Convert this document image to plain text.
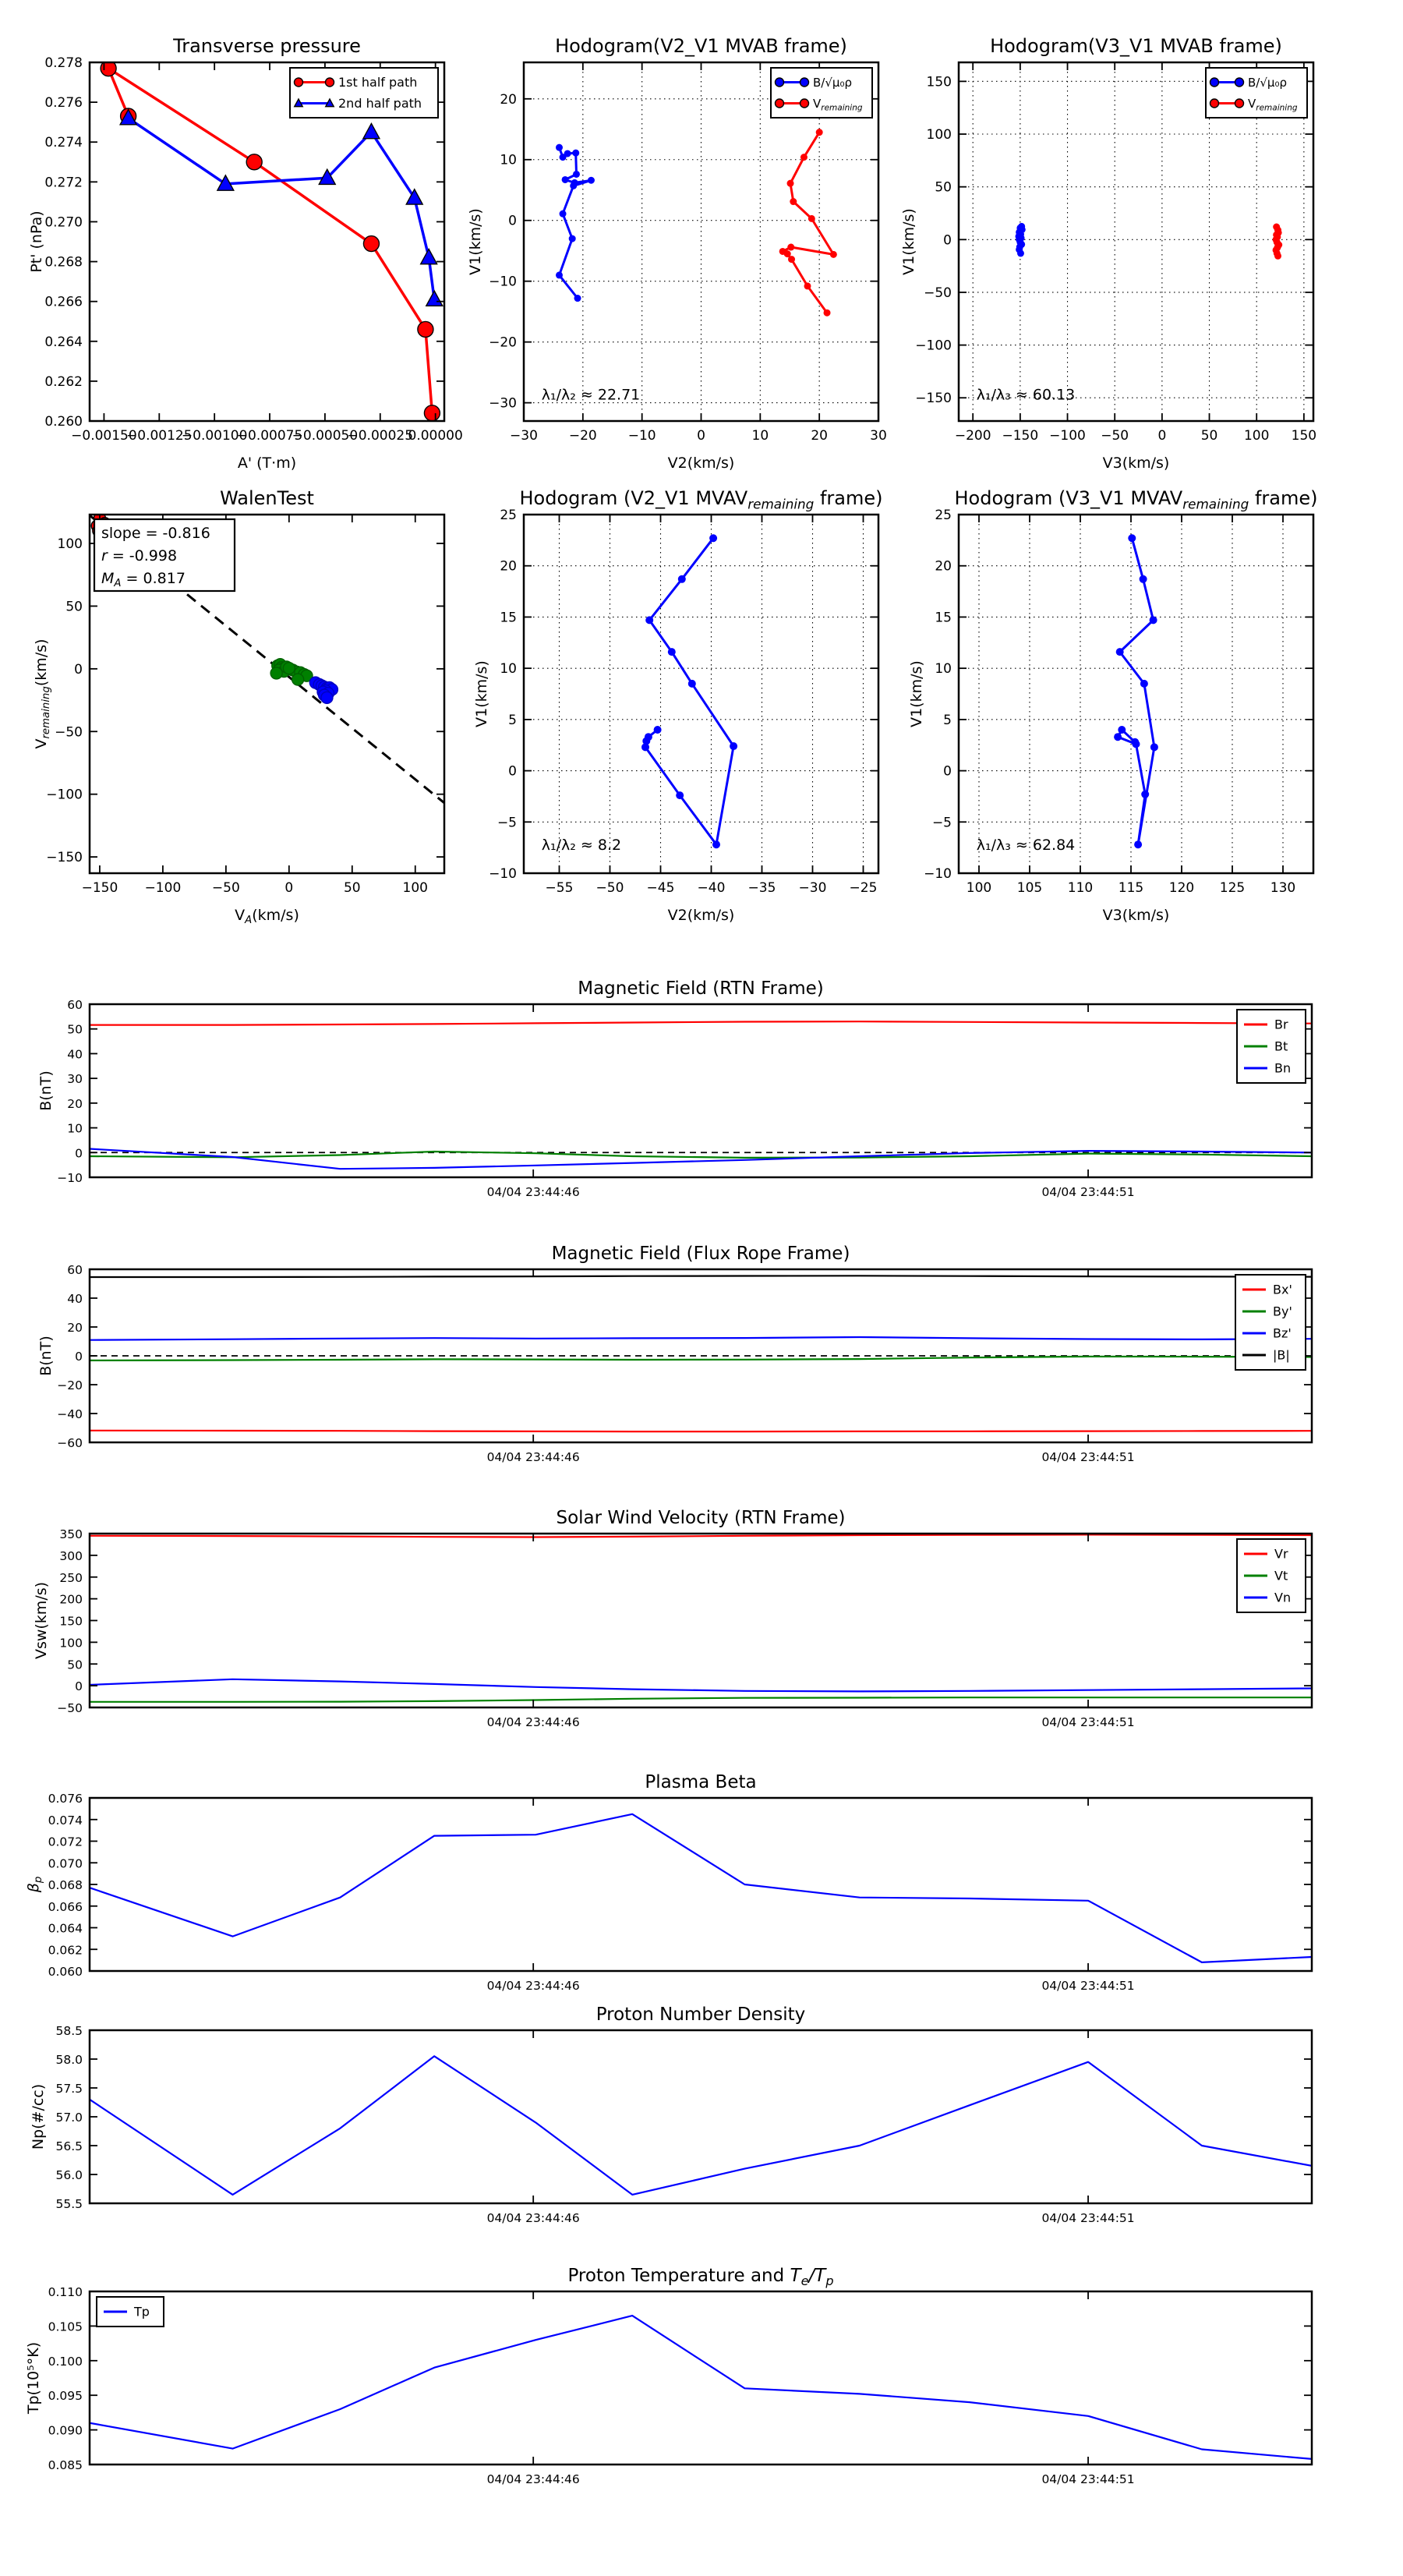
−0.00150
−0.00125
−0.00100
−0.00075
−0.00050
−0.00025
0.00000
0.260
0.262
0.264
0.266
0.268
0.270
0.272
0.274
0.276
0.278
Transverse pressure
A' (T·m)
Pt' (nPa)
1st half path
2nd half path
−30 −20 −10	0	10	20	30
−30
−20
−10
0
10
20
Hodogram(V2_V1 MVAB frame)
V2(km/s)
V1(km/s)
B/√μ₀ρ
$V_{remaining}$
λ₁/λ₂ ≈ 22.71
−200 −150 −100 −50 0	50 100 150
−150
−100
−50
0
50
100
150
Hodogram(V3_V1 MVAB frame)
V3(km/s)
V1(km/s)
B/√μ₀ρ
$V_{remaining}$
λ₁/λ₃ ≈ 60.13
−150 −100 −50	0	50	100
−150
−100
−50
0
50
100
WalenTest
$V_A(km/s)$
$V_{remaining}(km/s)$
slope = -0.816
r = -0.998
$M_A = 0.817$
−55 −50 −45 −40 −35 −30 −25
−10
−5
0
5
10
15
20
25
Hodogram (V2_V1 $MVAV_{remaining}$ frame)
V2(km/s)
V1(km/s)
λ₁/λ₂ ≈ 8.2
100 105 110 115 120 125 130
−10
−5
0
5
10
15
20
25
Hodogram (V3_V1 $MVAV_{remaining}$ frame)
V3(km/s)
V1(km/s)
λ₁/λ₃ ≈ 62.84
04/04 23:44:46	04/04 23:44:51
−10
0
10
20
30
40
50
60
Magnetic Field (RTN Frame)
B(nT)
Br
Bt
Bn
04/04 23:44:46	04/04 23:44:51
−60
−40
−20
0
20
40
60
Magnetic Field (Flux Rope Frame)
B(nT)
Bx'
By'
Bz'
|B|
04/04 23:44:46	04/04 23:44:51
−50
0
50
100
150
200
250
300
350
Solar Wind Velocity (RTN Frame)
Vsw(km/s)
Vr
Vt
Vn
04/04 23:44:46	04/04 23:44:51
0.060
0.062
0.064
0.066
0.068
0.070
0.072
0.074
0.076
Plasma Beta
$\beta_p$
04/04 23:44:46	04/04 23:44:51
55.5
56.0
56.5
57.0
57.5
58.0
58.5
Proton Number Density
Np(#/cc)
04/04 23:44:46	04/04 23:44:51
0.085
0.090
0.095
0.100
0.105
0.110
Proton Temperature and $T_e/T_p$
Tp(10⁵°K)
Tp
